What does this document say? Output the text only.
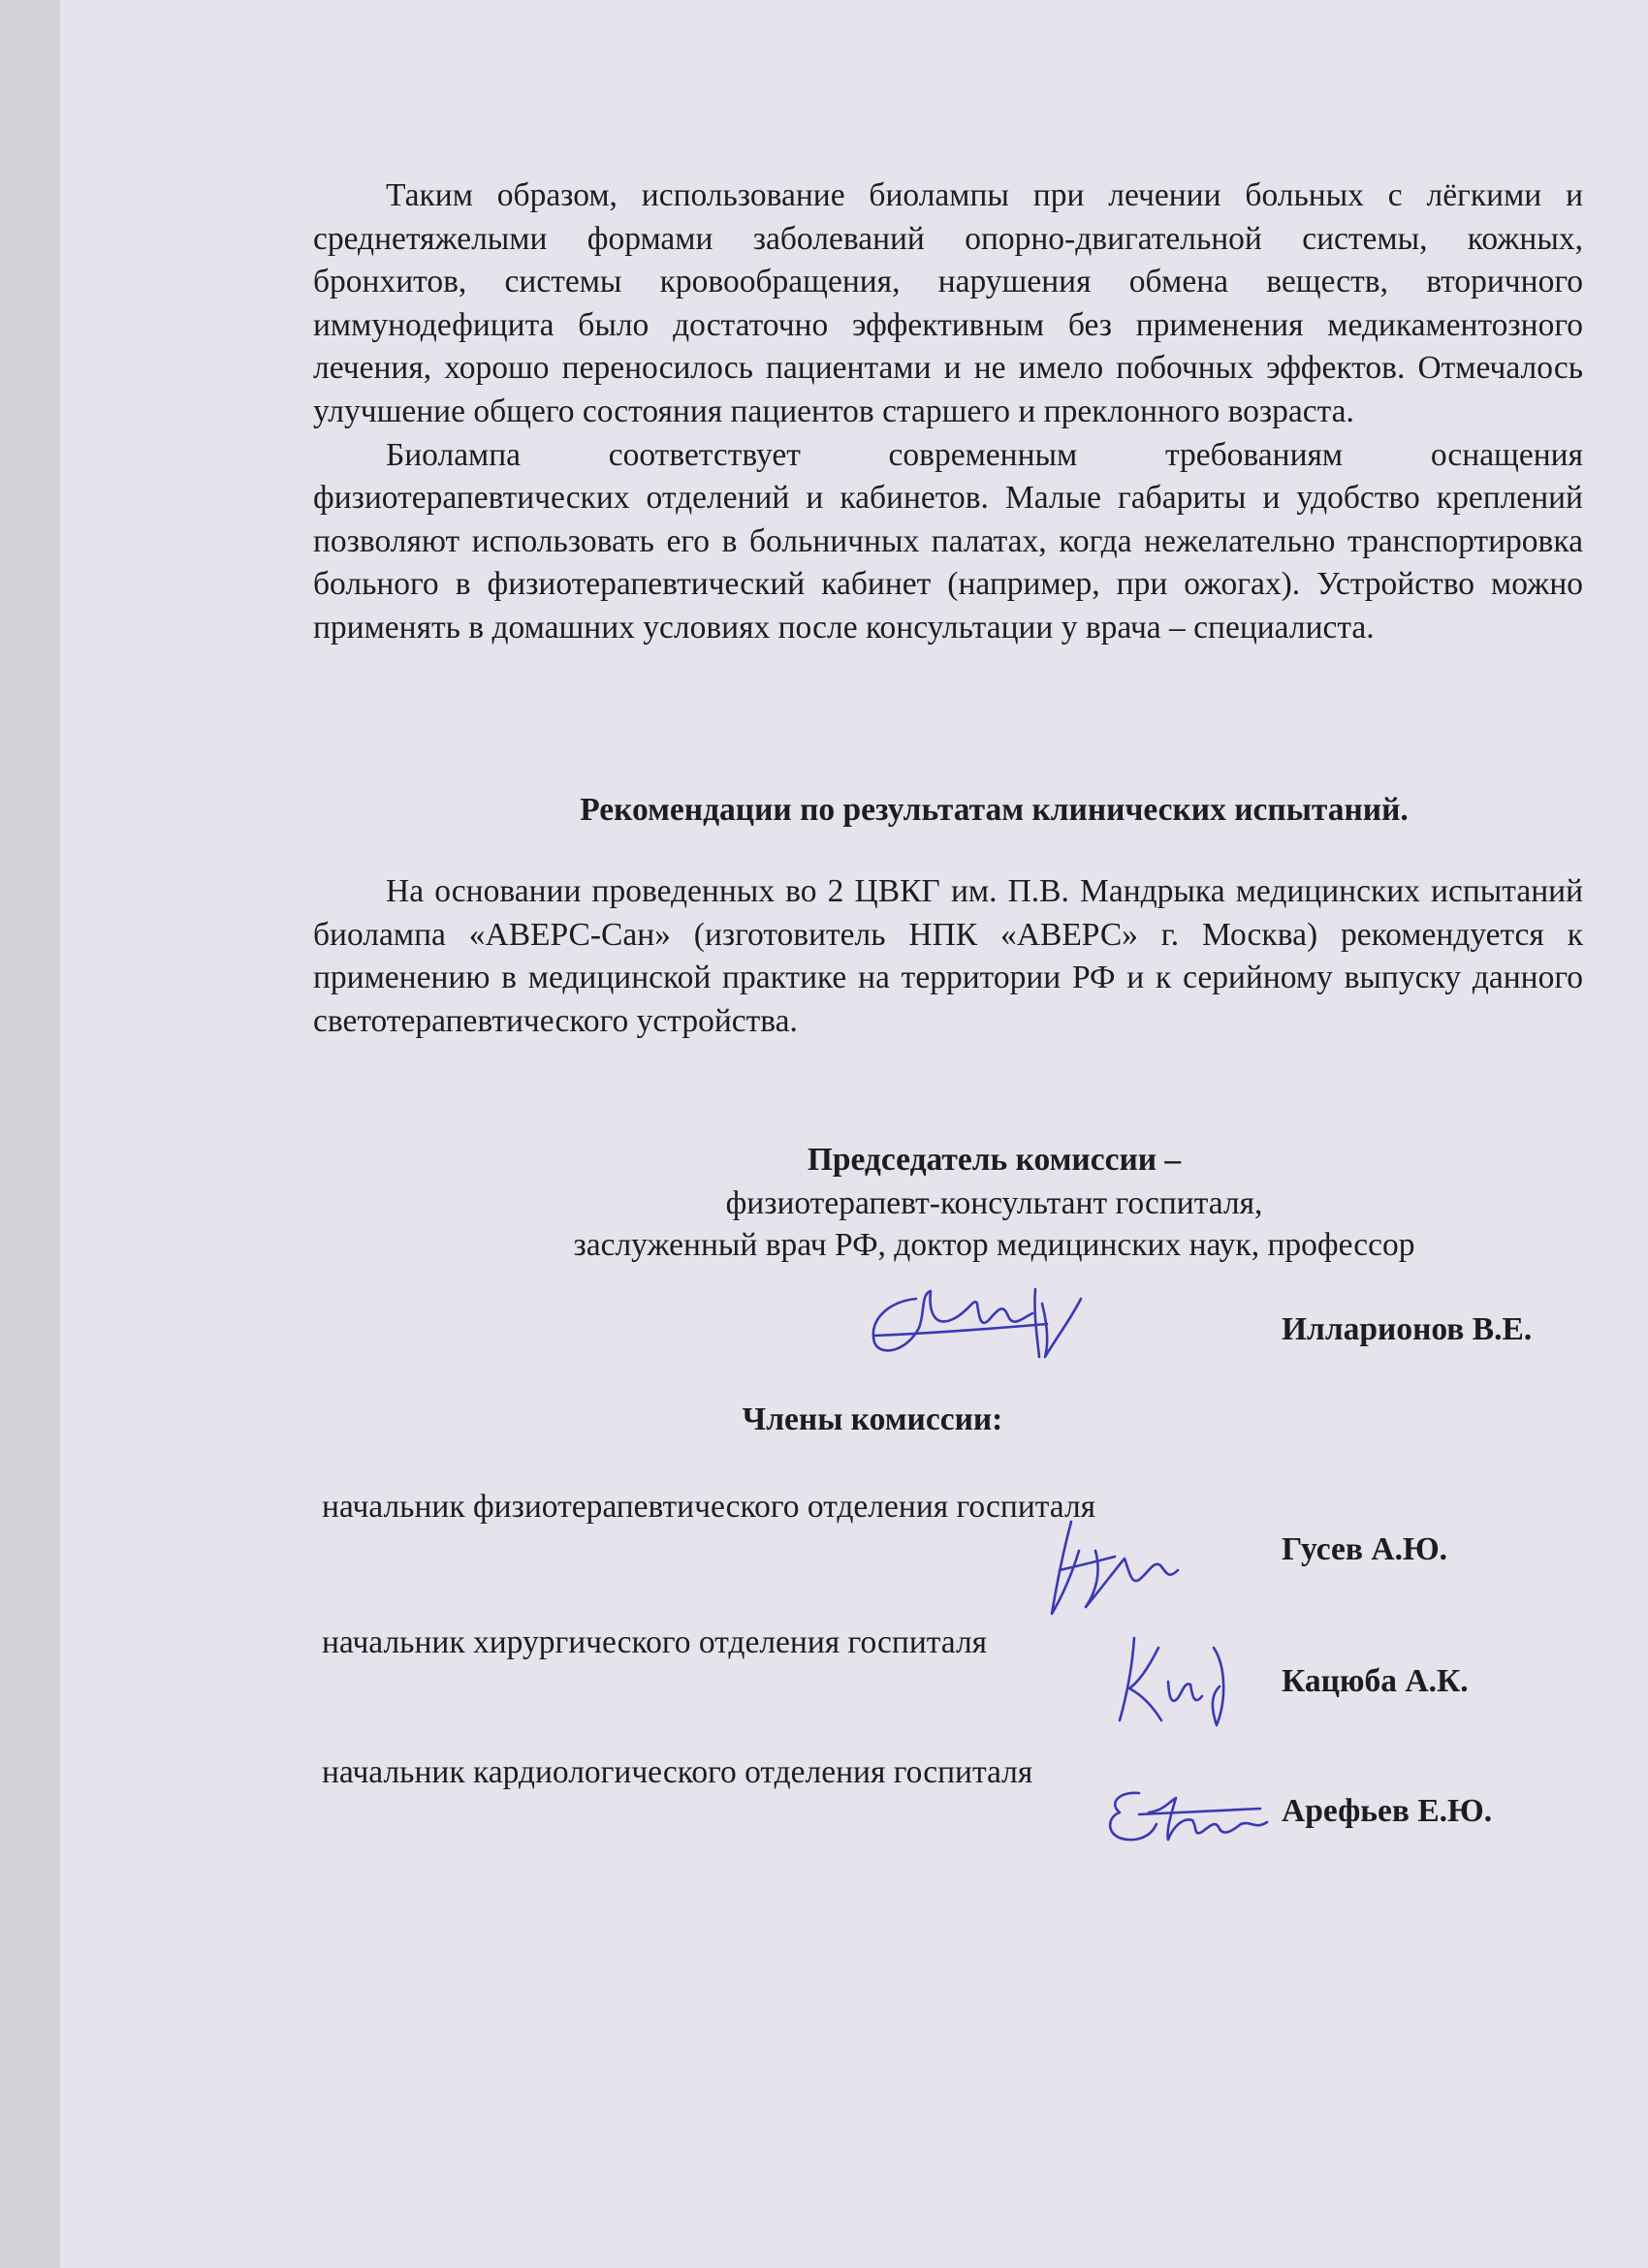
Таким образом, использование биолампы при лечении больных с лёгкими и среднетяжелыми формами заболеваний опорно-двигательной системы, кожных, бронхитов, системы кровообращения, нарушения обмена веществ, вторичного иммунодефицита было достаточно эффективным без применения медикаментозного лечения, хорошо переносилось пациентами и не имело побочных эффектов. Отмечалось улучшение общего состояния пациентов старшего и преклонного возраста.

Биолампа соответствует современным требованиям оснащения физиотерапевтических отделений и кабинетов. Малые габариты и удобство креплений позволяют использовать его в больничных палатах, когда нежелательно транспортировка больного в физиотерапевтический кабинет (например, при ожогах). Устройство можно применять в домашних условиях после консультации у врача – специалиста.

Рекомендации по результатам клинических испытаний.

На основании проведенных во 2 ЦВКГ им. П.В. Мандрыка медицинских испытаний биолампа «АВЕРС-Сан» (изготовитель НПК «АВЕРС» г. Москва) рекомендуется к применению в медицинской практике на территории РФ и к серийному выпуску данного светотерапевтического устройства.

Председатель комиссии –
физиотерапевт-консультант госпиталя,
заслуженный врач РФ, доктор медицинских наук, профессор
Илларионов В.Е.
Члены комиссии:
начальник физиотерапевтического отделения госпиталя
Гусев А.Ю.
начальник хирургического отделения госпиталя
Кацюба А.К.
начальник кардиологического отделения госпиталя
Арефьев Е.Ю.
